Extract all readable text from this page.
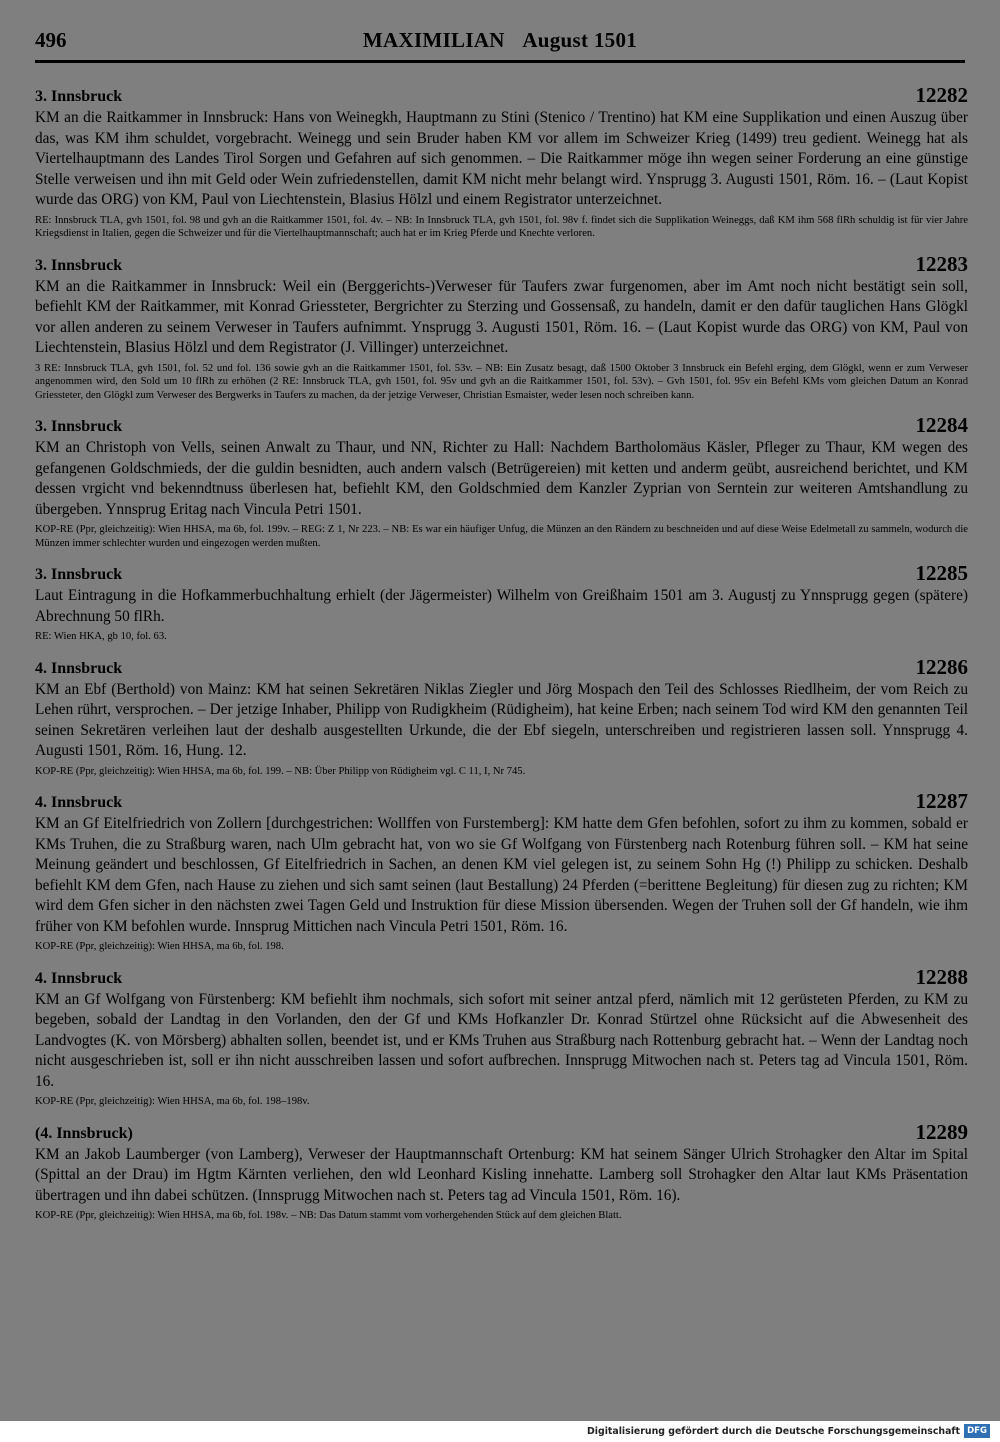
496	MAXIMILIAN August 1501
3. Innsbruck	12282

KM an die Raitkammer in Innsbruck: Hans von Weinegkh, Hauptmann zu Stini (Stenico / Trentino) hat KM eine Supplikation und einen Auszug über das, was KM ihm schuldet, vorgebracht. Weinegg und sein Bruder haben KM vor allem im Schweizer Krieg (1499) treu gedient. Weinegg hat als Viertelhauptmann des Landes Tirol Sorgen und Gefahren auf sich genommen. – Die Raitkammer möge ihn wegen seiner Forderung an eine günstige Stelle verweisen und ihn mit Geld oder Wein zufriedenstellen, damit KM nicht mehr belangt wird. Ynsprugg 3. Augusti 1501, Röm. 16. – (Laut Kopist wurde das ORG) von KM, Paul von Liechtenstein, Blasius Hölzl und einem Registrator unterzeichnet.

RE: Innsbruck TLA, gvh 1501, fol. 98 und gvh an die Raitkammer 1501, fol. 4v. – NB: In Innsbruck TLA, gvh 1501, fol. 98v f. findet sich die Supplikation Weineggs, daß KM ihm 568 flRh schuldig ist für vier Jahre Kriegsdienst in Italien, gegen die Schweizer und für die Viertelhauptmannschaft; auch hat er im Krieg Pferde und Knechte verloren.

3. Innsbruck	12283

KM an die Raitkammer in Innsbruck: Weil ein (Berggerichts-)Verweser für Taufers zwar furgenomen, aber im Amt noch nicht bestätigt sein soll, befiehlt KM der Raitkammer, mit Konrad Griessteter, Bergrichter zu Sterzing und Gossensaß, zu handeln, damit er den dafür tauglichen Hans Glögkl vor allen anderen zu seinem Verweser in Taufers aufnimmt. Ynsprugg 3. Augusti 1501, Röm. 16. – (Laut Kopist wurde das ORG) von KM, Paul von Liechtenstein, Blasius Hölzl und dem Registrator (J. Villinger) unterzeichnet.

3 RE: Innsbruck TLA, gvh 1501, fol. 52 und fol. 136 sowie gvh an die Raitkammer 1501, fol. 53v. – NB: Ein Zusatz besagt, daß 1500 Oktober 3 Innsbruck ein Befehl erging, dem Glögkl, wenn er zum Verweser angenommen wird, den Sold um 10 flRh zu erhöhen (2 RE: Innsbruck TLA, gvh 1501, fol. 95v und gvh an die Raitkammer 1501, fol. 53v). – Gvh 1501, fol. 95v ein Befehl KMs vom gleichen Datum an Konrad Griessteter, den Glögkl zum Verweser des Bergwerks in Taufers zu machen, da der jetzige Verweser, Christian Esmaister, weder lesen noch schreiben kann.

3. Innsbruck	12284

KM an Christoph von Vells, seinen Anwalt zu Thaur, und NN, Richter zu Hall: Nachdem Bartholomäus Käsler, Pfleger zu Thaur, KM wegen des gefangenen Goldschmieds, der die guldin besnidten, auch andern valsch (Betrügereien) mit ketten und anderm geübt, ausreichend berichtet, und KM dessen vrgicht vnd bekenndtnuss überlesen hat, befiehlt KM, den Goldschmied dem Kanzler Zyprian von Serntein zur weiteren Amtshandlung zu übergeben. Ynnsprug Eritag nach Vincula Petri 1501.

KOP-RE (Ppr, gleichzeitig): Wien HHSA, ma 6b, fol. 199v. – REG: Z 1, Nr 223. – NB: Es war ein häufiger Unfug, die Münzen an den Rändern zu beschneiden und auf diese Weise Edelmetall zu sammeln, wodurch die Münzen immer schlechter wurden und eingezogen werden mußten.

3. Innsbruck	12285

Laut Eintragung in die Hofkammerbuchhaltung erhielt (der Jägermeister) Wilhelm von Greißhaim 1501 am 3. Augustj zu Ynnsprugg gegen (spätere) Abrechnung 50 flRh.

RE: Wien HKA, gb 10, fol. 63.

4. Innsbruck	12286

KM an Ebf (Berthold) von Mainz: KM hat seinen Sekretären Niklas Ziegler und Jörg Mospach den Teil des Schlosses Riedlheim, der vom Reich zu Lehen rührt, versprochen. – Der jetzige Inhaber, Philipp von Rudigkheim (Rüdigheim), hat keine Erben; nach seinem Tod wird KM den genannten Teil seinen Sekretären verleihen laut der deshalb ausgestellten Urkunde, die der Ebf siegeln, unterschreiben und registrieren lassen soll. Ynnsprugg 4. Augusti 1501, Röm. 16, Hung. 12.

KOP-RE (Ppr, gleichzeitig): Wien HHSA, ma 6b, fol. 199. – NB: Über Philipp von Rüdigheim vgl. C 11, I, Nr 745.

4. Innsbruck	12287

KM an Gf Eitelfriedrich von Zollern [durchgestrichen: Wollffen von Furstemberg]: KM hatte dem Gfen befohlen, sofort zu ihm zu kommen, sobald er KMs Truhen, die zu Straßburg waren, nach Ulm gebracht hat, von wo sie Gf Wolfgang von Fürstenberg nach Rotenburg führen soll. – KM hat seine Meinung geändert und beschlossen, Gf Eitelfriedrich in Sachen, an denen KM viel gelegen ist, zu seinem Sohn Hg (!) Philipp zu schicken. Deshalb befiehlt KM dem Gfen, nach Hause zu ziehen und sich samt seinen (laut Bestallung) 24 Pferden (=berittene Begleitung) für diesen zug zu richten; KM wird dem Gfen sicher in den nächsten zwei Tagen Geld und Instruktion für diese Mission übersenden. Wegen der Truhen soll der Gf handeln, wie ihm früher von KM befohlen wurde. Innsprug Mittichen nach Vincula Petri 1501, Röm. 16.

KOP-RE (Ppr, gleichzeitig): Wien HHSA, ma 6b, fol. 198.

4. Innsbruck	12288

KM an Gf Wolfgang von Fürstenberg: KM befiehlt ihm nochmals, sich sofort mit seiner antzal pferd, nämlich mit 12 gerüsteten Pferden, zu KM zu begeben, sobald der Landtag in den Vorlanden, den der Gf und KMs Hofkanzler Dr. Konrad Stürtzel ohne Rücksicht auf die Abwesenheit des Landvogtes (K. von Mörsberg) abhalten sollen, beendet ist, und er KMs Truhen aus Straßburg nach Rottenburg gebracht hat. – Wenn der Landtag noch nicht ausgeschrieben ist, soll er ihn nicht ausschreiben lassen und sofort aufbrechen. Innsprugg Mitwochen nach st. Peters tag ad Vincula 1501, Röm. 16.

KOP-RE (Ppr, gleichzeitig): Wien HHSA, ma 6b, fol. 198–198v.

(4. Innsbruck)	12289

KM an Jakob Laumberger (von Lamberg), Verweser der Hauptmannschaft Ortenburg: KM hat seinem Sänger Ulrich Strohagker den Altar im Spital (Spittal an der Drau) im Hgtm Kärnten verliehen, den wld Leonhard Kisling innehatte. Lamberg soll Strohagker den Altar laut KMs Präsentation übertragen und ihn dabei schützen. (Innsprugg Mitwochen nach st. Peters tag ad Vincula 1501, Röm. 16).

KOP-RE (Ppr, gleichzeitig): Wien HHSA, ma 6b, fol. 198v. – NB: Das Datum stammt vom vorhergehenden Stück auf dem gleichen Blatt.

Digitalisierung gefördert durch die Deutsche Forschungsgemeinschaft DFG
